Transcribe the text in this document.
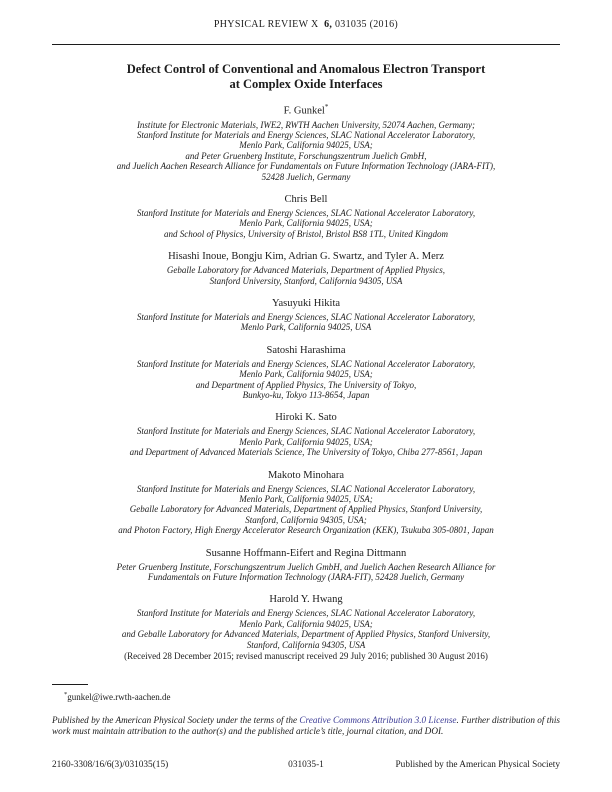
PHYSICAL REVIEW X 6, 031035 (2016)
Defect Control of Conventional and Anomalous Electron Transport
at Complex Oxide Interfaces
F. Gunkel*
Institute for Electronic Materials, IWE2, RWTH Aachen University, 52074 Aachen, Germany;
Stanford Institute for Materials and Energy Sciences, SLAC National Accelerator Laboratory,
Menlo Park, California 94025, USA;
and Peter Gruenberg Institute, Forschungszentrum Juelich GmbH,
and Juelich Aachen Research Alliance for Fundamentals on Future Information Technology (JARA-FIT),
52428 Juelich, Germany
Chris Bell
Stanford Institute for Materials and Energy Sciences, SLAC National Accelerator Laboratory,
Menlo Park, California 94025, USA;
and School of Physics, University of Bristol, Bristol BS8 1TL, United Kingdom
Hisashi Inoue, Bongju Kim, Adrian G. Swartz, and Tyler A. Merz
Geballe Laboratory for Advanced Materials, Department of Applied Physics,
Stanford University, Stanford, California 94305, USA
Yasuyuki Hikita
Stanford Institute for Materials and Energy Sciences, SLAC National Accelerator Laboratory,
Menlo Park, California 94025, USA
Satoshi Harashima
Stanford Institute for Materials and Energy Sciences, SLAC National Accelerator Laboratory,
Menlo Park, California 94025, USA;
and Department of Applied Physics, The University of Tokyo,
Bunkyo-ku, Tokyo 113-8654, Japan
Hiroki K. Sato
Stanford Institute for Materials and Energy Sciences, SLAC National Accelerator Laboratory,
Menlo Park, California 94025, USA;
and Department of Advanced Materials Science, The University of Tokyo, Chiba 277-8561, Japan
Makoto Minohara
Stanford Institute for Materials and Energy Sciences, SLAC National Accelerator Laboratory,
Menlo Park, California 94025, USA;
Geballe Laboratory for Advanced Materials, Department of Applied Physics, Stanford University,
Stanford, California 94305, USA;
and Photon Factory, High Energy Accelerator Research Organization (KEK), Tsukuba 305-0801, Japan
Susanne Hoffmann-Eifert and Regina Dittmann
Peter Gruenberg Institute, Forschungszentrum Juelich GmbH, and Juelich Aachen Research Alliance for
Fundamentals on Future Information Technology (JARA-FIT), 52428 Juelich, Germany
Harold Y. Hwang
Stanford Institute for Materials and Energy Sciences, SLAC National Accelerator Laboratory,
Menlo Park, California 94025, USA;
and Geballe Laboratory for Advanced Materials, Department of Applied Physics, Stanford University,
Stanford, California 94305, USA
(Received 28 December 2015; revised manuscript received 29 July 2016; published 30 August 2016)
*gunkel@iwe.rwth-aachen.de
Published by the American Physical Society under the terms of the Creative Commons Attribution 3.0 License. Further distribution of this work must maintain attribution to the author(s) and the published article’s title, journal citation, and DOI.
2160-3308/16/6(3)/031035(15)	031035-1	Published by the American Physical Society
